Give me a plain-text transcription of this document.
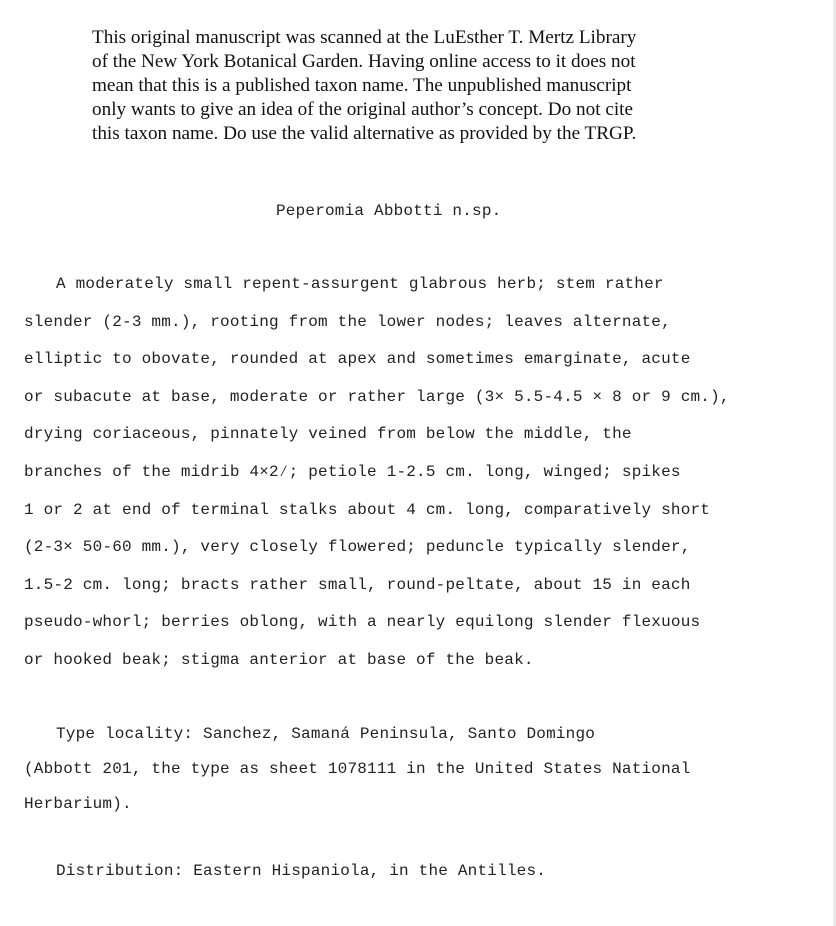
This original manuscript was scanned at the LuEsther T. Mertz Library
of the New York Botanical Garden. Having online access to it does not
mean that this is a published taxon name. The unpublished manuscript
only wants to give an idea of the original author’s concept. Do not cite
this taxon name. Do use the valid alternative as provided by the TRGP.
Peperomia Abbotti n.sp.
A moderately small repent-assurgent glabrous herb; stem rather
slender (2-3 mm.), rooting from the lower nodes; leaves alternate,
elliptic to obovate, rounded at apex and sometimes emarginate, acute
or subacute at base, moderate or rather large (3× 5.5-4.5 × 8 or 9 cm.),
drying coriaceous, pinnately veined from below the middle, the
branches of the midrib 4×2⁄; petiole 1-2.5 cm. long, winged; spikes
1 or 2 at end of terminal stalks about 4 cm. long, comparatively short
(2-3× 50-60 mm.), very closely flowered; peduncle typically slender,
1.5-2 cm. long; bracts rather small, round-peltate, about 15 in each
pseudo-whorl; berries oblong, with a nearly equilong slender flexuous
or hooked beak; stigma anterior at base of the beak.
Type locality: Sanchez, Samaná Peninsula, Santo Domingo
(Abbott 201, the type as sheet 1078111 in the United States National
Herbarium).
Distribution: Eastern Hispaniola, in the Antilles.
